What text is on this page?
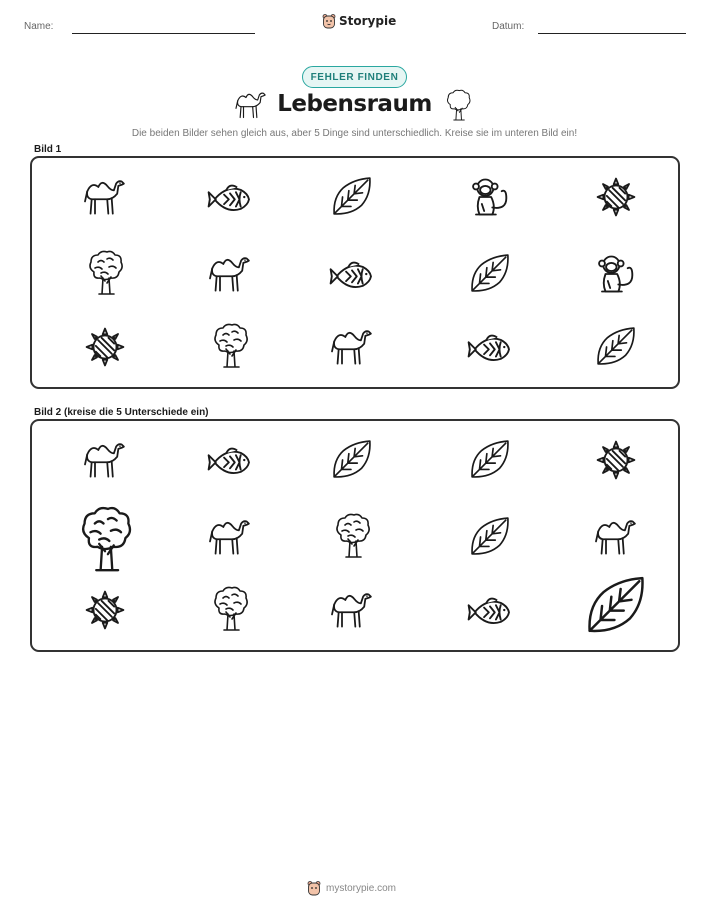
Name:	Storypie	Datum:
FEHLER FINDEN
Lebensraum
Die beiden Bilder sehen gleich aus, aber 5 Dinge sind unterschiedlich. Kreise sie im unteren Bild ein!
Bild 1
Bild 2 (kreise die 5 Unterschiede ein)
mystorypie.com
